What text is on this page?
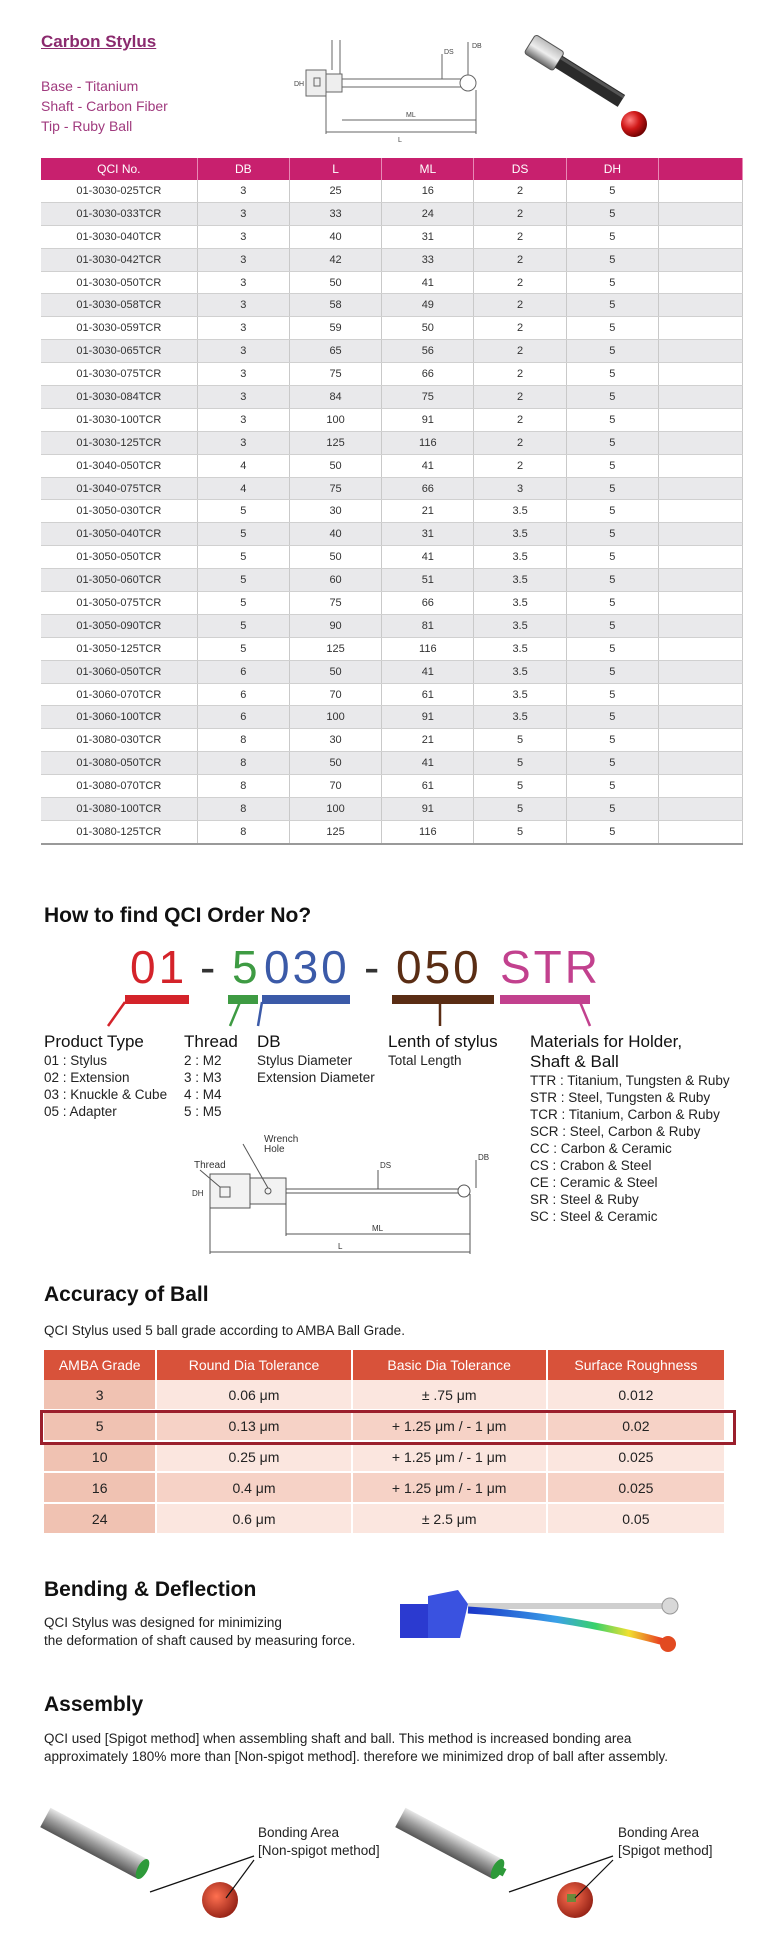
Carbon Stylus
Base - Titanium
Shaft - Carbon Fiber
Tip - Ruby Ball
DS
DB
DH
ML
L
QCI No.	DB	L	ML	DS	DH	
01-3030-025TCR	3	25	16	2	5	
01-3030-033TCR	3	33	24	2	5	
01-3030-040TCR	3	40	31	2	5	
01-3030-042TCR	3	42	33	2	5	
01-3030-050TCR	3	50	41	2	5	
01-3030-058TCR	3	58	49	2	5	
01-3030-059TCR	3	59	50	2	5	
01-3030-065TCR	3	65	56	2	5	
01-3030-075TCR	3	75	66	2	5	
01-3030-084TCR	3	84	75	2	5	
01-3030-100TCR	3	100	91	2	5	
01-3030-125TCR	3	125	116	2	5	
01-3040-050TCR	4	50	41	2	5	
01-3040-075TCR	4	75	66	3	5	
01-3050-030TCR	5	30	21	3.5	5	
01-3050-040TCR	5	40	31	3.5	5	
01-3050-050TCR	5	50	41	3.5	5	
01-3050-060TCR	5	60	51	3.5	5	
01-3050-075TCR	5	75	66	3.5	5	
01-3050-090TCR	5	90	81	3.5	5	
01-3050-125TCR	5	125	116	3.5	5	
01-3060-050TCR	6	50	41	3.5	5	
01-3060-070TCR	6	70	61	3.5	5	
01-3060-100TCR	6	100	91	3.5	5	
01-3080-030TCR	8	30	21	5	5	
01-3080-050TCR	8	50	41	5	5	
01-3080-070TCR	8	70	61	5	5	
01-3080-100TCR	8	100	91	5	5	
01-3080-125TCR	8	125	116	5	5	
How to find QCI Order No?
01 - 5 030 - 050 STR
Product Type
01 : Stylus
02 : Extension
03 : Knuckle & Cube
05 : Adapter
Thread
2 : M2
3 : M3
4 : M4
5 : M5
DB
Stylus Diameter
Extension Diameter
Lenth of stylus
Total Length
Materials for Holder,
Shaft & Ball
TTR : Titanium, Tungsten & Ruby
STR : Steel, Tungsten & Ruby
TCR : Titanium, Carbon & Ruby
SCR : Steel, Carbon & Ruby
CC : Carbon & Ceramic
CS : Crabon & Steel
CE : Ceramic & Steel
SR : Steel & Ruby
SC : Steel & Ceramic
Thread
Wrench
Hole
DS
DB
DH
ML
L
Accuracy of Ball
QCI Stylus used 5 ball grade according to AMBA Ball Grade.
AMBA Grade	Round Dia Tolerance	Basic Dia Tolerance	Surface Roughness
3	0.06 μm	± .75 μm	0.012
5	0.13 μm	+ 1.25 μm / - 1 μm	0.02
10	0.25 μm	+ 1.25 μm / - 1 μm	0.025
16	0.4 μm	+ 1.25 μm / - 1 μm	0.025
24	0.6 μm	± 2.5 μm	0.05
Bending & Deflection
QCI Stylus was designed for minimizing
the deformation of shaft caused by measuring force.
Assembly
QCI used [Spigot method] when assembling shaft and ball. This method is increased bonding area
approximately 180% more than [Non-spigot method]. therefore we minimized drop of ball after assembly.
Bonding Area
[Non-spigot method]
Bonding Area
[Spigot method]
